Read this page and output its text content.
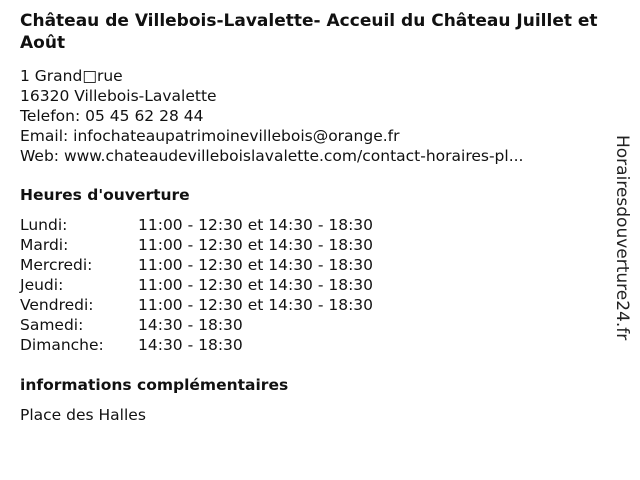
Château de Villebois-Lavalette- Acceuil du Château Juillet et Août
1 Grand□rue
16320 Villebois-Lavalette
Telefon: 05 45 62 28 44
Email: infochateaupatrimoinevillebois@orange.fr
Web: www.chateaudevilleboislavalette.com/contact-horaires-pl...
Heures d'ouverture
Lundi:	11:00 - 12:30 et 14:30 - 18:30
Mardi:	11:00 - 12:30 et 14:30 - 18:30
Mercredi:	11:00 - 12:30 et 14:30 - 18:30
Jeudi:	11:00 - 12:30 et 14:30 - 18:30
Vendredi:	11:00 - 12:30 et 14:30 - 18:30
Samedi:	14:30 - 18:30
Dimanche:	14:30 - 18:30
informations complémentaires
Place des Halles
Horairesdouverture24.fr
